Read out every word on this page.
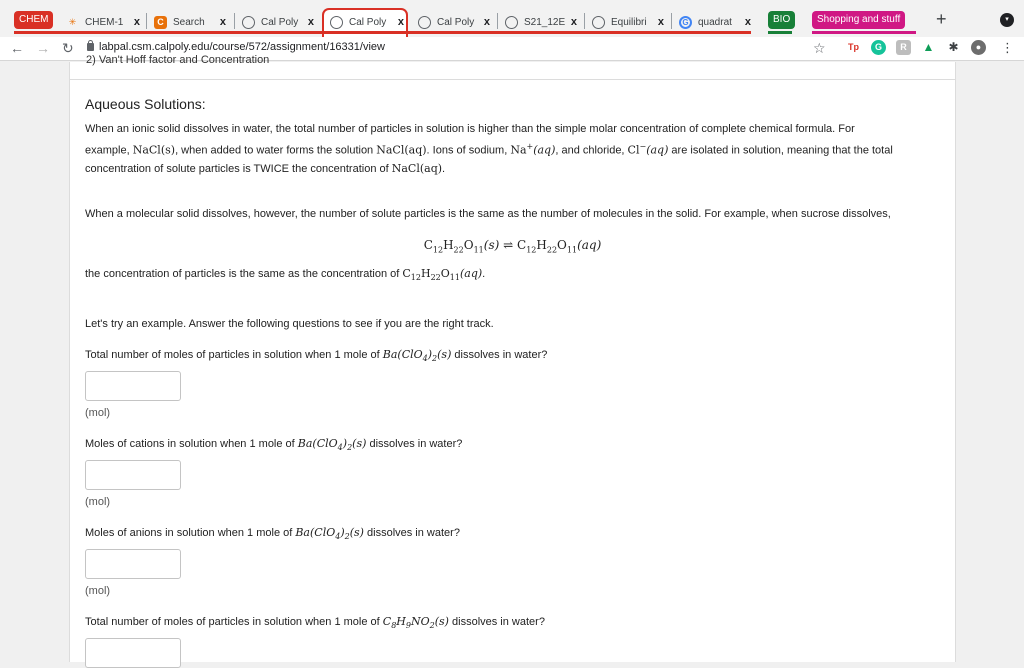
CHEM	✳ CHEM-1 x	C Search x	Cal Poly x	Cal Poly x	Cal Poly x	S21_12E x	Equilibri x	G quadrat x	BIO	Shopping and stuff +	▾
← → ↻ labpal.csm.calpoly.edu/course/572/assignment/16331/view	☆ Tp	G	R	▲ ✱	●	⋮
2) Van't Hoff factor and Concentration
Aqueous Solutions:
When an ionic solid dissolves in water, the total number of particles in solution is higher than the simple molar concentration of complete chemical formula. For
example, NaCl(s), when added to water forms the solution NaCl(aq). Ions of sodium, Na+(aq), and chloride, Cl−(aq) are isolated in solution, meaning that the total
concentration of solute particles is TWICE the concentration of NaCl(aq).
When a molecular solid dissolves, however, the number of solute particles is the same as the number of molecules in the solid. For example, when sucrose dissolves,
$C_{12}H_{22}O_{11}(s)$ ⇌ $C_{12}H_{22}O_{11}(aq)$
the concentration of particles is the same as the concentration of $C_{12}H_{22}O_{11}(aq)$.
Let's try an example. Answer the following questions to see if you are the right track.
Total number of moles of particles in solution when 1 mole of $Ba(ClO_4)_2(s)$ dissolves in water?
(mol)
Moles of cations in solution when 1 mole of $Ba(ClO_4)_2(s)$ dissolves in water?
(mol)
Moles of anions in solution when 1 mole of $Ba(ClO_4)_2(s)$ dissolves in water?
(mol)
Total number of moles of particles in solution when 1 mole of $C_8H_9NO_2(s)$ dissolves in water?
